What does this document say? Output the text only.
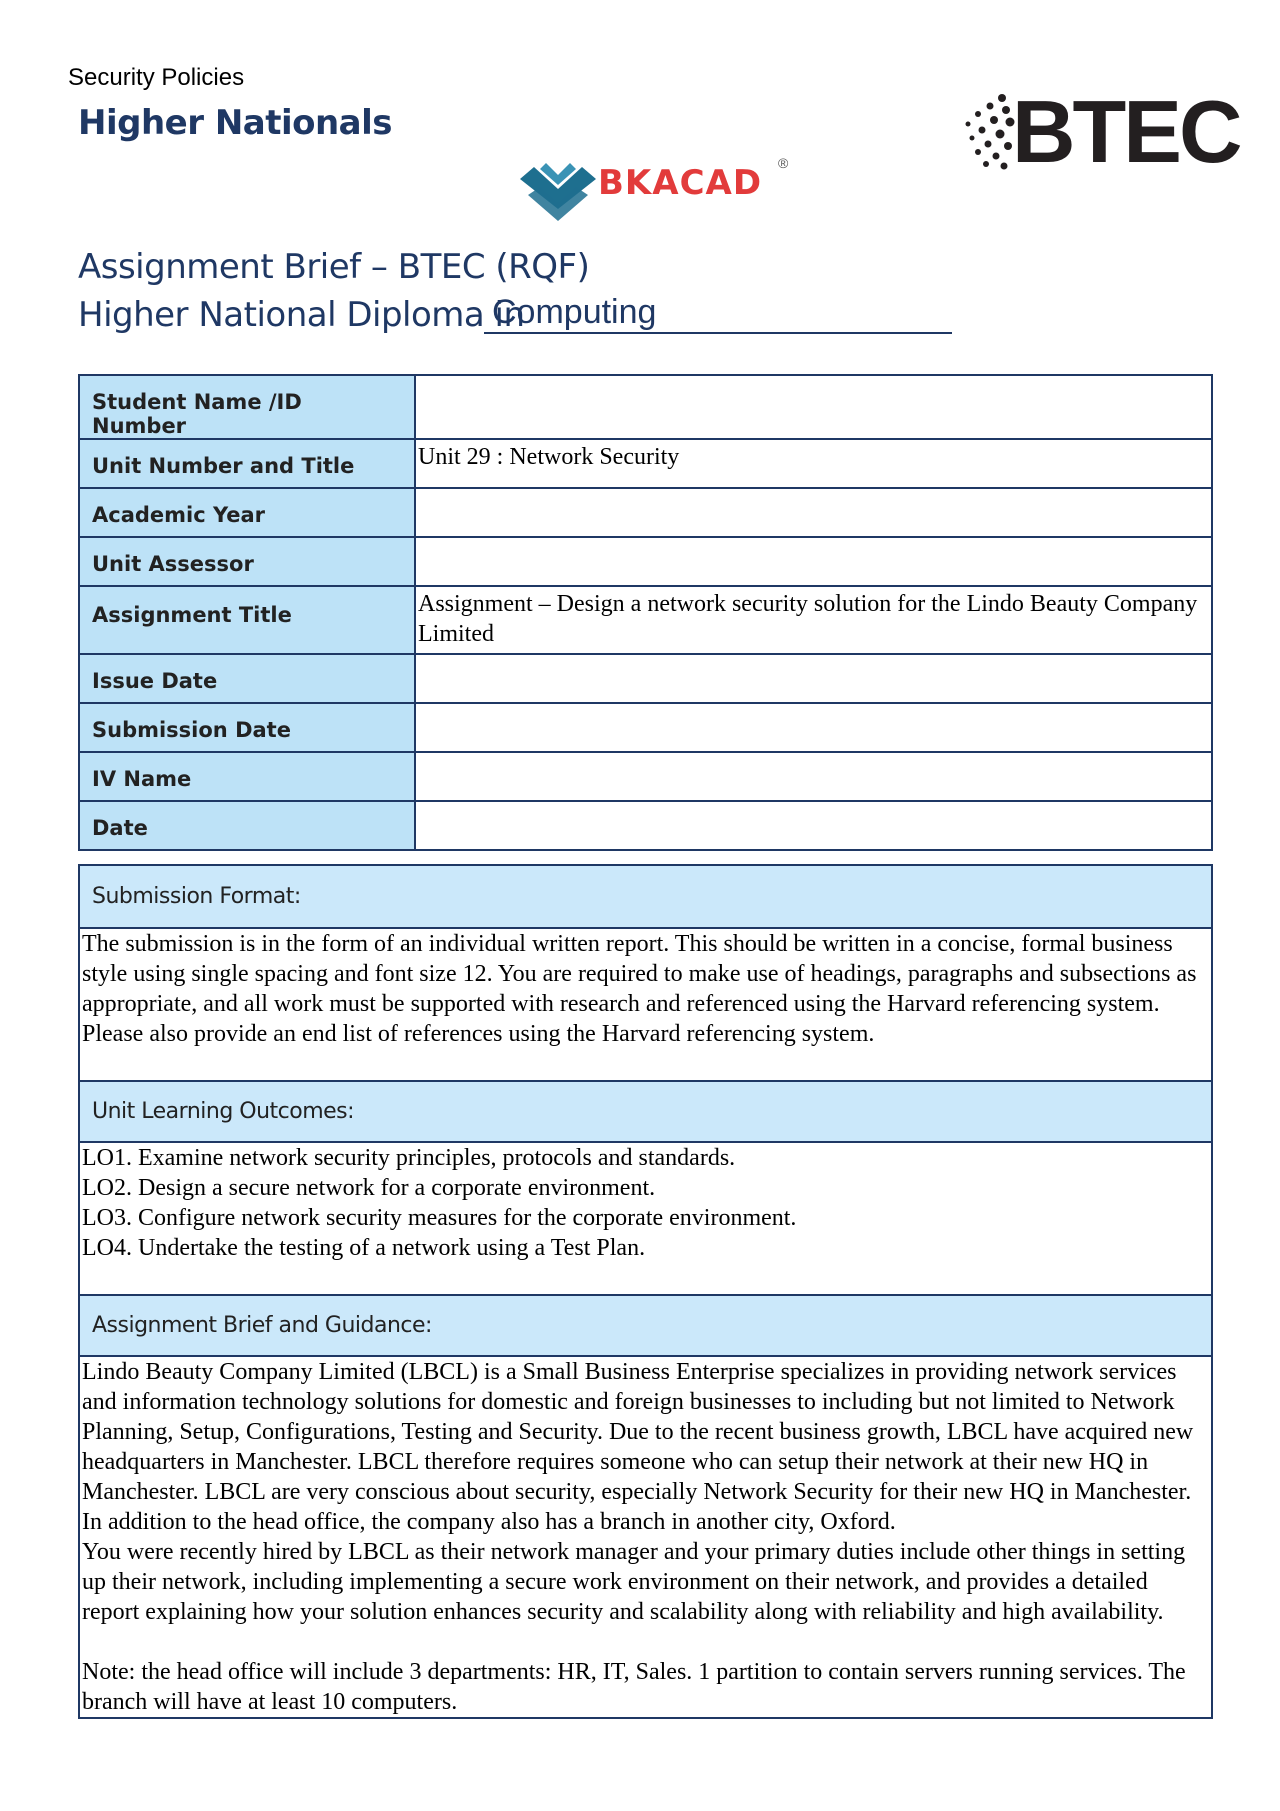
Security Policies
Higher Nationals	BTEC
BKACAD ®
Assignment Brief – BTEC (RQF)
Higher National Diploma in
Computing
Student Name /ID Number	
Unit Number and Title	Unit 29 : Network Security
Academic Year	
Unit Assessor	
Assignment Title	Assignment – Design a network security solution for the Lindo Beauty Company Limited
Issue Date	
Submission Date	
IV Name	
Date	
Submission Format:

The submission is in the form of an individual written report. This should be written in a concise, formal business style using single spacing and font size 12. You are required to make use of headings, paragraphs and subsections as appropriate, and all work must be supported with research and referenced using the Harvard referencing system. Please also provide an end list of references using the Harvard referencing system.

Unit Learning Outcomes:

LO1. Examine network security principles, protocols and standards.

LO2. Design a secure network for a corporate environment.

LO3. Configure network security measures for the corporate environment.

LO4. Undertake the testing of a network using a Test Plan.

Assignment Brief and Guidance:

Lindo Beauty Company Limited (LBCL) is a Small Business Enterprise specializes in providing network services and information technology solutions for domestic and foreign businesses to including but not limited to Network Planning, Setup, Configurations, Testing and Security. Due to the recent business growth, LBCL have acquired new headquarters in Manchester. LBCL therefore requires someone who can setup their network at their new HQ in Manchester. LBCL are very conscious about security, especially Network Security for their new HQ in Manchester. In addition to the head office, the company also has a branch in another city, Oxford.

You were recently hired by LBCL as their network manager and your primary duties include other things in setting up their network, including implementing a secure work environment on their network, and provides a detailed report explaining how your solution enhances security and scalability along with reliability and high availability.

Note: the head office will include 3 departments: HR, IT, Sales. 1 partition to contain servers running services. The branch will have at least 10 computers.
